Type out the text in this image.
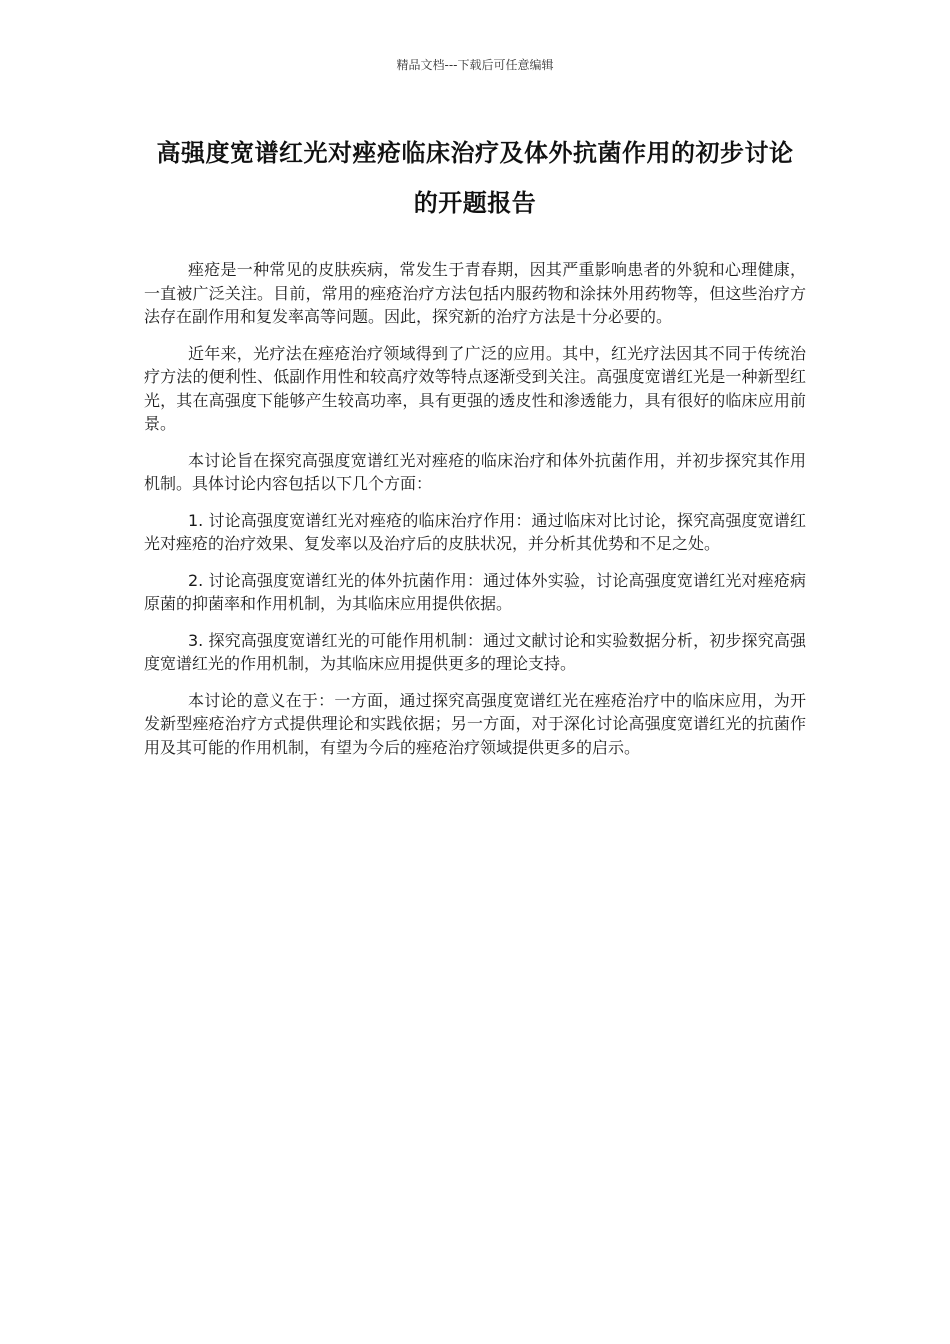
精品文档---下载后可任意编辑
高强度宽谱红光对痤疮临床治疗及体外抗菌作用的初步讨论的开题报告

痤疮是一种常见的皮肤疾病，常发生于青春期，因其严重影响患者的外貌和心理健康，一直被广泛关注。目前，常用的痤疮治疗方法包括内服药物和涂抹外用药物等，但这些治疗方法存在副作用和复发率高等问题。因此，探究新的治疗方法是十分必要的。

近年来，光疗法在痤疮治疗领域得到了广泛的应用。其中，红光疗法因其不同于传统治疗方法的便利性、低副作用性和较高疗效等特点逐渐受到关注。高强度宽谱红光是一种新型红光，其在高强度下能够产生较高功率，具有更强的透皮性和渗透能力，具有很好的临床应用前景。

本讨论旨在探究高强度宽谱红光对痤疮的临床治疗和体外抗菌作用，并初步探究其作用机制。具体讨论内容包括以下几个方面：

1. 讨论高强度宽谱红光对痤疮的临床治疗作用：通过临床对比讨论，探究高强度宽谱红光对痤疮的治疗效果、复发率以及治疗后的皮肤状况，并分析其优势和不足之处。

2. 讨论高强度宽谱红光的体外抗菌作用：通过体外实验，讨论高强度宽谱红光对痤疮病原菌的抑菌率和作用机制，为其临床应用提供依据。

3. 探究高强度宽谱红光的可能作用机制：通过文献讨论和实验数据分析，初步探究高强度宽谱红光的作用机制，为其临床应用提供更多的理论支持。

本讨论的意义在于：一方面，通过探究高强度宽谱红光在痤疮治疗中的临床应用，为开发新型痤疮治疗方式提供理论和实践依据；另一方面，对于深化讨论高强度宽谱红光的抗菌作用及其可能的作用机制，有望为今后的痤疮治疗领域提供更多的启示。
